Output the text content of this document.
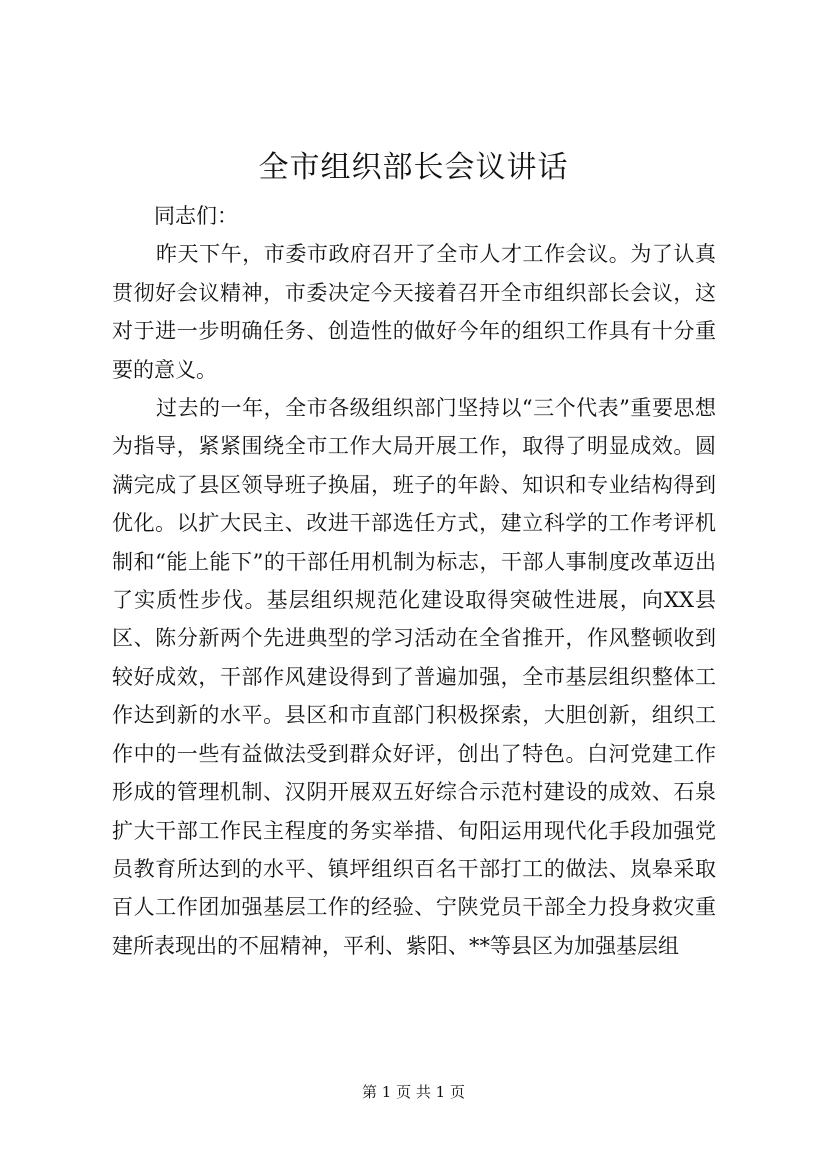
全市组织部长会议讲话

同志们：

昨天下午，市委市政府召开了全市人才工作会议。为了认真贯彻好会议精神，市委决定今天接着召开全市组织部长会议，这对于进一步明确任务、创造性的做好今年的组织工作具有十分重要的意义。

过去的一年，全市各级组织部门坚持以“三个代表”重要思想为指导，紧紧围绕全市工作大局开展工作，取得了明显成效。圆满完成了县区领导班子换届，班子的年龄、知识和专业结构得到优化。以扩大民主、改进干部选任方式，建立科学的工作考评机制和“能上能下”的干部任用机制为标志，干部人事制度改革迈出了实质性步伐。基层组织规范化建设取得突破性进展，向XX县区、陈分新两个先进典型的学习活动在全省推开，作风整顿收到较好成效，干部作风建设得到了普遍加强，全市基层组织整体工作达到新的水平。县区和市直部门积极探索，大胆创新，组织工作中的一些有益做法受到群众好评，创出了特色。白河党建工作形成的管理机制、汉阴开展双五好综合示范村建设的成效、石泉扩大干部工作民主程度的务实举措、旬阳运用现代化手段加强党员教育所达到的水平、镇坪组织百名干部打工的做法、岚皋采取百人工作团加强基层工作的经验、宁陕党员干部全力投身救灾重建所表现出的不屈精神，平利、紫阳、**等县区为加强基层组

第 1 页 共 1 页
